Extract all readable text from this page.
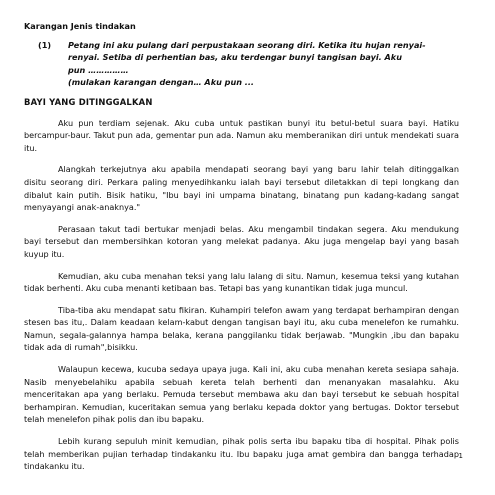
Karangan Jenis tindakan
(1)	Petang ini aku pulang dari perpustakaan seorang diri. Ketika itu hujan renyai-
renyai. Setiba di perhentian bas, aku terdengar bunyi tangisan bayi. Aku
pun ……………
(mulakan karangan dengan… Aku pun ...
BAYI YANG DITINGGALKAN

Aku pun terdiam sejenak. Aku cuba untuk pastikan bunyi itu betul-betul suara bayi. Hatiku bercampur-baur. Takut pun ada, gementar pun ada. Namun aku memberanikan diri untuk mendekati suara itu.

Alangkah terkejutnya aku apabila mendapati seorang bayi yang baru lahir telah ditinggalkan disitu seorang diri. Perkara paling menyedihkanku ialah bayi tersebut diletakkan di tepi longkang dan dibalut kain putih. Bisik hatiku, "Ibu bayi ini umpama binatang, binatang pun kadang-kadang sangat menyayangi anak-anaknya."

Perasaan takut tadi bertukar menjadi belas. Aku mengambil tindakan segera. Aku mendukung bayi tersebut dan membersihkan kotoran yang melekat padanya. Aku juga mengelap bayi yang basah kuyup itu.

Kemudian, aku cuba menahan teksi yang lalu lalang di situ. Namun, kesemua teksi yang kutahan tidak berhenti. Aku cuba menanti ketibaan bas. Tetapi bas yang kunantikan tidak juga muncul.

Tiba-tiba aku mendapat satu fikiran. Kuhampiri telefon awam yang terdapat berhampiran dengan stesen bas itu,. Dalam keadaan kelam-kabut dengan tangisan bayi itu, aku cuba menelefon ke rumahku. Namun, segala-galannya hampa belaka, kerana panggilanku tidak berjawab. "Mungkin ,ibu dan bapaku tidak ada di rumah",bisikku.

Walaupun kecewa, kucuba sedaya upaya juga. Kali ini, aku cuba menahan kereta sesiapa sahaja. Nasib menyebelahiku apabila sebuah kereta telah berhenti dan menanyakan masalahku. Aku menceritakan apa yang berlaku. Pemuda tersebut membawa aku dan bayi tersebut ke sebuah hospital berhampiran. Kemudian, kuceritakan semua yang berlaku kepada doktor yang bertugas. Doktor tersebut telah menelefon pihak polis dan ibu bapaku.

Lebih kurang sepuluh minit kemudian, pihak polis serta ibu bapaku tiba di hospital. Pihak polis telah memberikan pujian terhadap tindakanku itu. Ibu bapaku juga amat gembira dan bangga terhadap tindakanku itu.

1
